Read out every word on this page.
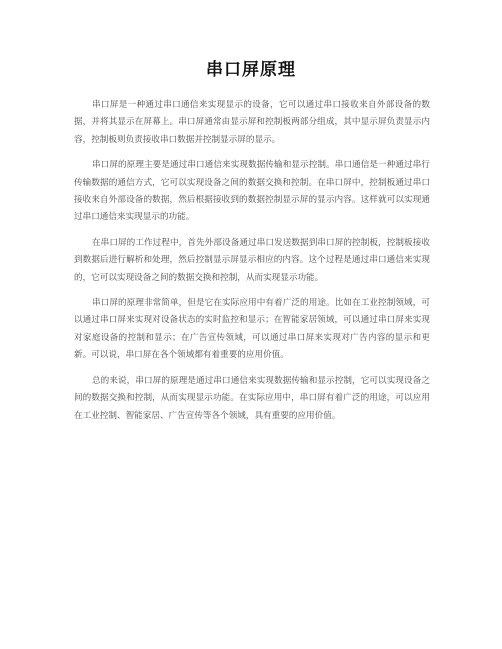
串口屏原理

串口屏是一种通过串口通信来实现显示的设备，它可以通过串口接收来自外部设备的数据，并将其显示在屏幕上。串口屏通常由显示屏和控制板两部分组成，其中显示屏负责显示内容，控制板则负责接收串口数据并控制显示屏的显示。

串口屏的原理主要是通过串口通信来实现数据传输和显示控制。串口通信是一种通过串行传输数据的通信方式，它可以实现设备之间的数据交换和控制。在串口屏中，控制板通过串口接收来自外部设备的数据，然后根据接收到的数据控制显示屏的显示内容。这样就可以实现通过串口通信来实现显示的功能。

在串口屏的工作过程中，首先外部设备通过串口发送数据到串口屏的控制板，控制板接收到数据后进行解析和处理，然后控制显示屏显示相应的内容。这个过程是通过串口通信来实现的，它可以实现设备之间的数据交换和控制，从而实现显示功能。

串口屏的原理非常简单，但是它在实际应用中有着广泛的用途。比如在工业控制领域，可以通过串口屏来实现对设备状态的实时监控和显示；在智能家居领域，可以通过串口屏来实现对家庭设备的控制和显示；在广告宣传领域，可以通过串口屏来实现对广告内容的显示和更新。可以说，串口屏在各个领域都有着重要的应用价值。

总的来说，串口屏的原理是通过串口通信来实现数据传输和显示控制，它可以实现设备之间的数据交换和控制，从而实现显示功能。在实际应用中，串口屏有着广泛的用途，可以应用在工业控制、智能家居、广告宣传等各个领域，具有重要的应用价值。
